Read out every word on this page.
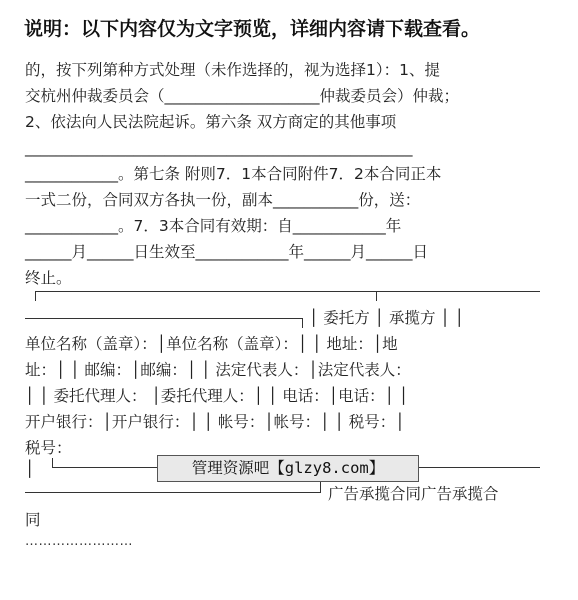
说明：以下内容仅为文字预览，详细内容请下载查看。
的，按下列第种方式处理（未作选择的，视为选择1）：1、提
交杭州仲裁委员会（____________________仲裁委员会）仲裁；
2、依法向人民法院起诉。第六条 双方商定的其他事项
__________________________________________________
____________。第七条 附则7．1本合同附件7．2本合同正本
一式二份，合同双方各执一份，副本___________份，送：
____________。7．3本合同有效期：自____________年
______月______日生效至____________年______月______日
终止。
│ 委托方 │ 承揽方 │ │
单位名称（盖章）：│单位名称（盖章）：│ │ 地址：│地
址：│ │ 邮编：│邮编：│ │ 法定代表人：│法定代表人：
│ │ 委托代理人： │委托代理人：│ │ 电话：│电话：│ │
开户银行：│开户银行：│ │ 帐号：│帐号：│ │ 税号：│
税号：
│	管理资源吧【glzy8.com】
广告承揽合同广告承揽合
同
……………………
